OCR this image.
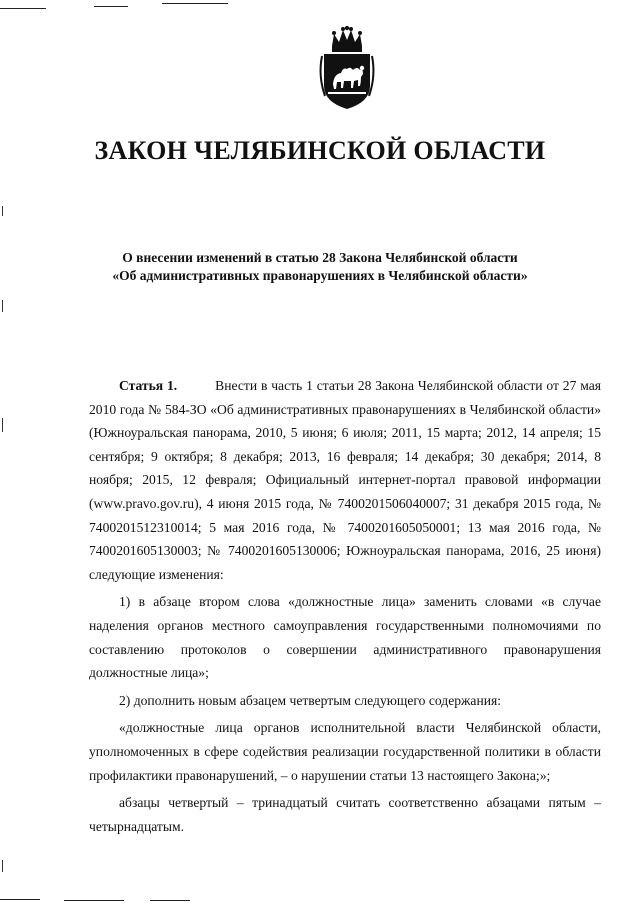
ЗАКОН ЧЕЛЯБИНСКОЙ ОБЛАСТИ
О внесении изменений в статью 28 Закона Челябинской области
«Об административных правонарушениях в Челябинской области»

Статья 1.	Внести в часть 1 статьи 28 Закона Челябинской области от 27 мая 2010 года № 584-ЗО «Об административных правонарушениях в Челябинской области» (Южноуральская панорама, 2010, 5 июня; 6 июля; 2011, 15 марта; 2012, 14 апреля; 15 сентября; 9 октября; 8 декабря; 2013, 16 февраля; 14 декабря; 30 декабря; 2014, 8 ноября; 2015, 12 февраля; Официальный интернет-портал правовой информации (www.pravo.gov.ru), 4 июня 2015 года, № 7400201506040007; 31 декабря 2015 года, № 7400201512310014; 5 мая 2016 года, № 7400201605050001; 13 мая 2016 года, № 7400201605130003; № 7400201605130006; Южноуральская панорама, 2016, 25 июня) следующие изменения:

1) в абзаце втором слова «должностные лица» заменить словами «в случае наделения органов местного самоуправления государственными полномочиями по составлению протоколов о совершении административного правонарушения должностные лица»;

2) дополнить новым абзацем четвертым следующего содержания:

«должностные лица органов исполнительной власти Челябинской области, уполномоченных в сфере содействия реализации государственной политики в области профилактики правонарушений, – о нарушении статьи 13 настоящего Закона;»;

абзацы четвертый – тринадцатый считать соответственно абзацами пятым – четырнадцатым.
